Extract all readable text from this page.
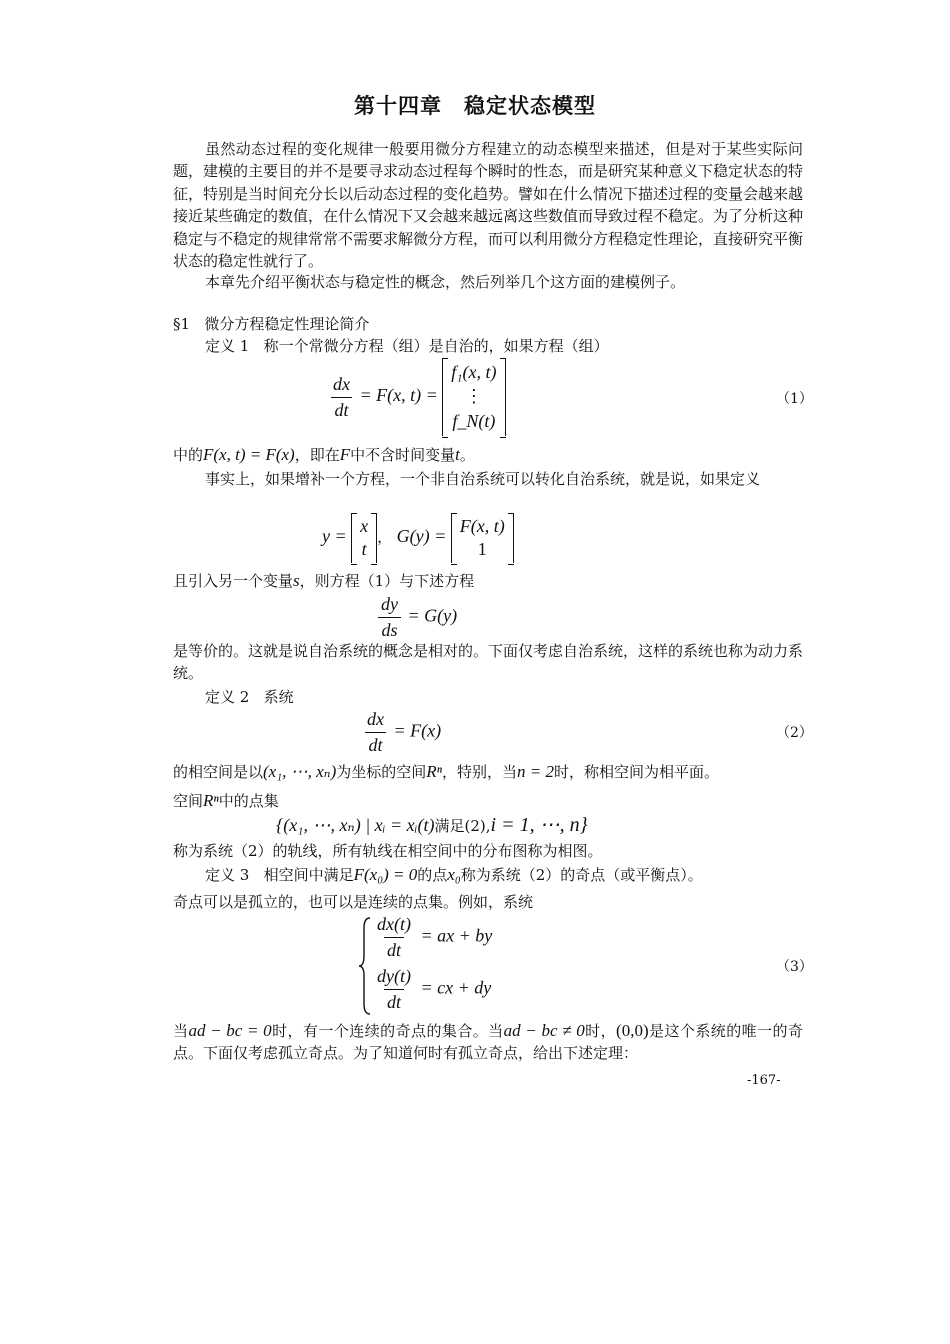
第十四章 稳定状态模型
虽然动态过程的变化规律一般要用微分方程建立的动态模型来描述，但是对于某些实际问题，建模的主要目的并不是要寻求动态过程每个瞬时的性态，而是研究某种意义下稳定状态的特征，特别是当时间充分长以后动态过程的变化趋势。譬如在什么情况下描述过程的变量会越来越接近某些确定的数值，在什么情况下又会越来越远离这些数值而导致过程不稳定。为了分析这种稳定与不稳定的规律常常不需要求解微分方程，而可以利用微分方程稳定性理论，直接研究平衡状态的稳定性就行了。
本章先介绍平衡状态与稳定性的概念，然后列举几个这方面的建模例子。
§1 微分方程稳定性理论简介
定义 1 称一个常微分方程（组）是自治的，如果方程（组）
$\frac{dx}{dt} = F(x$, t) =
f₁(x, t)
⋮
f_N(t)
（1）
中的F(x, t) = F(x)，即在F中不含时间变量t。
事实上，如果增补一个方程，一个非自治系统可以转化自治系统，就是说，如果定义
y =
x
t
， G(y) =
F(x, t)
1
且引入另一个变量s，则方程（1）与下述方程
$\frac{dy}{ds} = G(y)$
是等价的。这就是说自治系统的概念是相对的。下面仅考虑自治系统，这样的系统也称为动力系统。
定义 2 系统
$\frac{dx}{dt} = F(x)$	（2）
的相空间是以(x₁, ⋯, xₙ)为坐标的空间Rⁿ，特别，当n = 2时，称相空间为相平面。
空间Rⁿ中的点集
{(x₁, ⋯, xₙ) | xᵢ = xᵢ(t)满足(2),i = 1, ⋯, n}
称为系统（2）的轨线，所有轨线在相空间中的分布图称为相图。
定义 3 相空间中满足F(x₀) = 0的点x₀称为系统（2）的奇点（或平衡点）。
奇点可以是孤立的，也可以是连续的点集。例如，系统
$\frac{dx(t)}{dt}$ = ax + by
$\frac{dy(t)}{dt}$ = cx + dy
（3）
当ad − bc = 0时，有一个连续的奇点的集合。当ad − bc ≠ 0时，(0,0)是这个系统的唯一的奇点。下面仅考虑孤立奇点。为了知道何时有孤立奇点，给出下述定理：
-167-
